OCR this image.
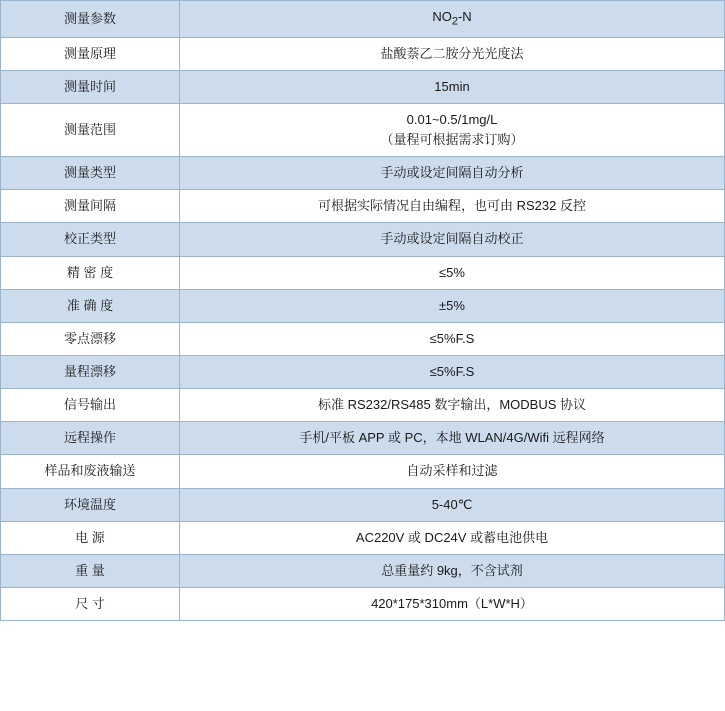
测量参数	$NO_2-N$
测量原理	盐酸萘乙二胺分光光度法
测量时间	15min
测量范围	0.01~0.5/1mg/L
（量程可根据需求订购）

测量类型	手动或设定间隔自动分析
测量间隔	可根据实际情况自由编程，也可由 RS232 反控
校正类型	手动或设定间隔自动校正
精 密 度	≤5%
准 确 度	±5%
零点漂移	≤5%F.S
量程漂移	≤5%F.S
信号输出	标准 RS232/RS485 数字输出，MODBUS 协议
远程操作	手机/平板 APP 或 PC，本地 WLAN/4G/Wifi 远程网络
样品和废液输送	自动采样和过滤
环境温度	5-40℃
电 源	AC220V 或 DC24V 或蓄电池供电
重 量	总重量约 9kg，不含试剂
尺 寸	420*175*310mm（L*W*H）
